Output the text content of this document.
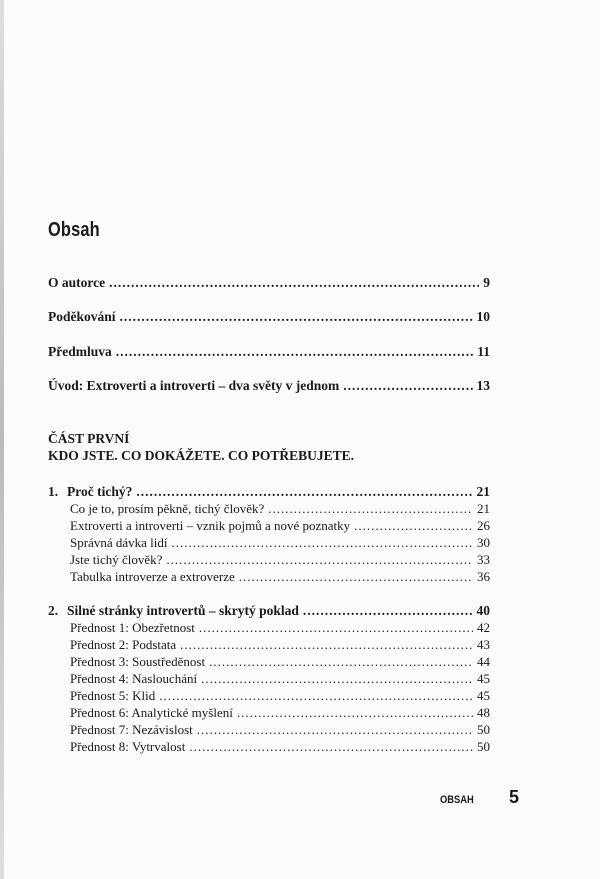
Obsah
O autorce .....	9
Poděkování .....	10
Předmluva .....	11
Úvod: Extroverti a introverti – dva světy v jednom .....	13
1. Proč tichý? .....	21
Co je to, prosím pěkně, tichý člověk? .....	21
Extroverti a introverti – vznik pojmů a nové poznatky .....	26
Správná dávka lidí .....	30
Jste tichý člověk? .....	33
Tabulka introverze a extroverze .....	36
2. Silné stránky introvertů – skrytý poklad .....	40
Přednost 1: Obezřetnost .....	42
Přednost 2: Podstata .....	43
Přednost 3: Soustředěnost .....	44
Přednost 4: Naslouchání .....	45
Přednost 5: Klid .....	45
Přednost 6: Analytické myšlení .....	48
Přednost 7: Nezávislost .....	50
Přednost 8: Vytrvalost .....	50
ČÁST PRVNÍ
KDO JSTE. CO DOKÁŽETE. CO POTŘEBUJETE.
OBSAH 5
